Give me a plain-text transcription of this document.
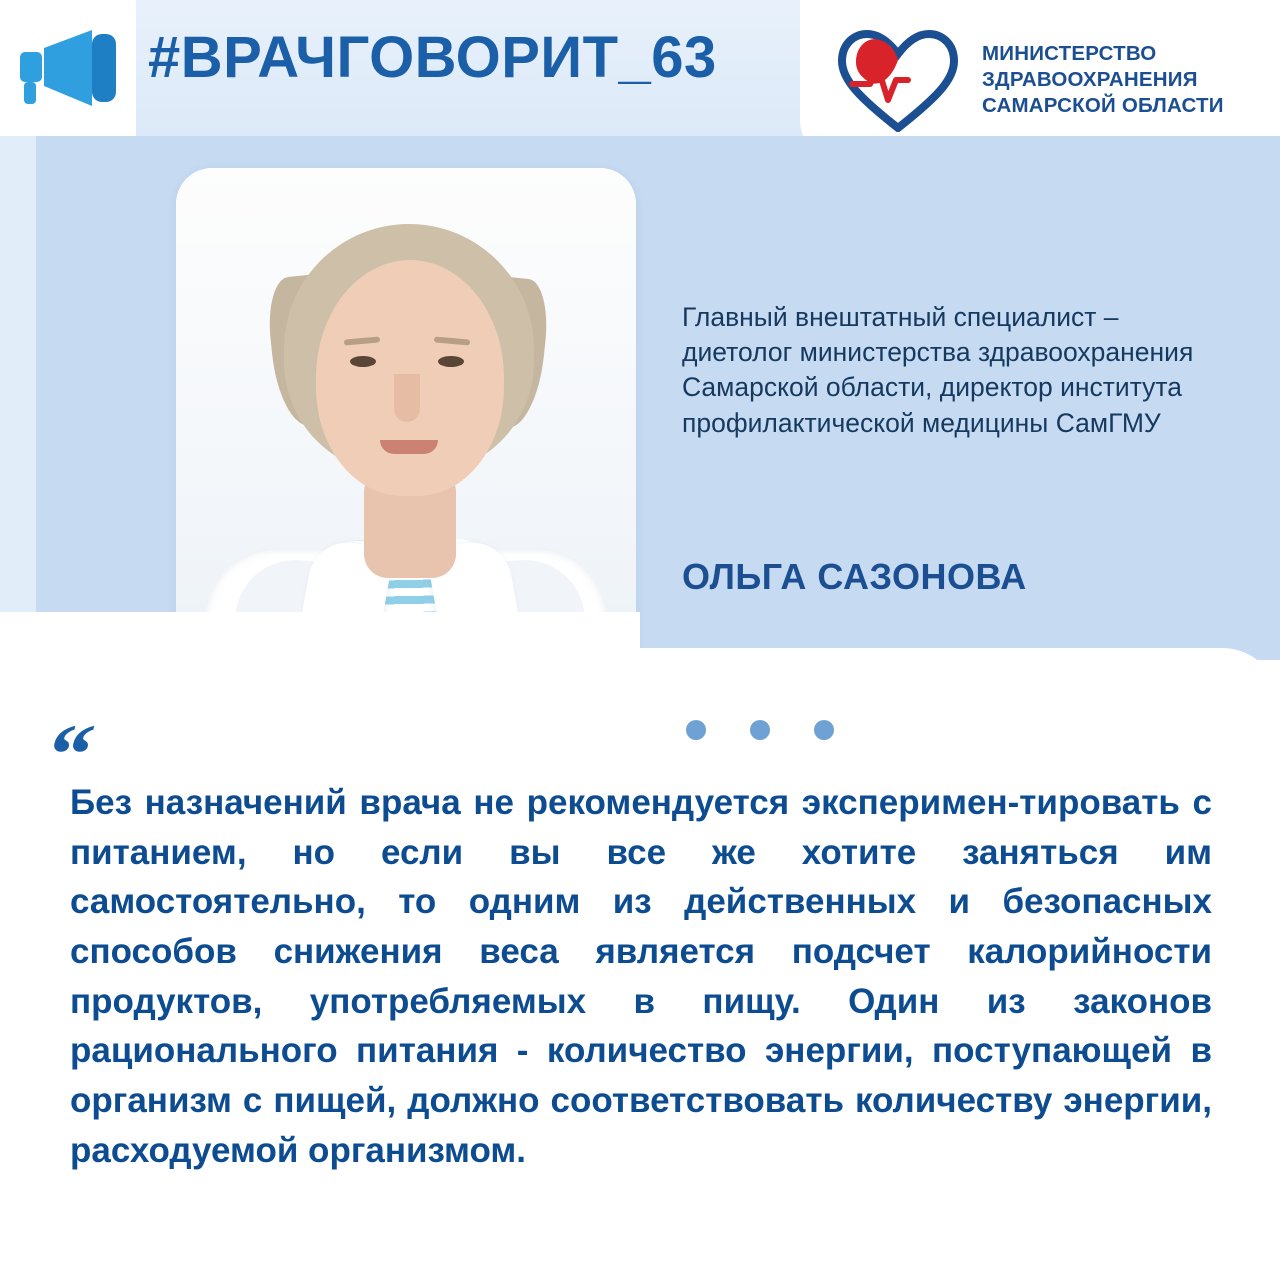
#ВРАЧГОВОРИТ_63	МИНИСТЕРСТВО
ЗДРАВООХРАНЕНИЯ
САМАРСКОЙ ОБЛАСТИ
Главный внештатный специалист – диетолог министерства здравоохранения Самарской области, директор института профилактической медицины СамГМУ
ОЛЬГА САЗОНОВА
“
Без назначений врача не рекомендуется эксперимен-тировать с питанием, но если вы все же хотите заняться им самостоятельно, то одним из действенных и безопасных способов снижения веса является подсчет калорийности продуктов, употребляемых в пищу. Один из законов рационального питания - количество энергии, поступающей в организм с пищей, должно соответствовать количеству энергии, расходуемой организмом.
